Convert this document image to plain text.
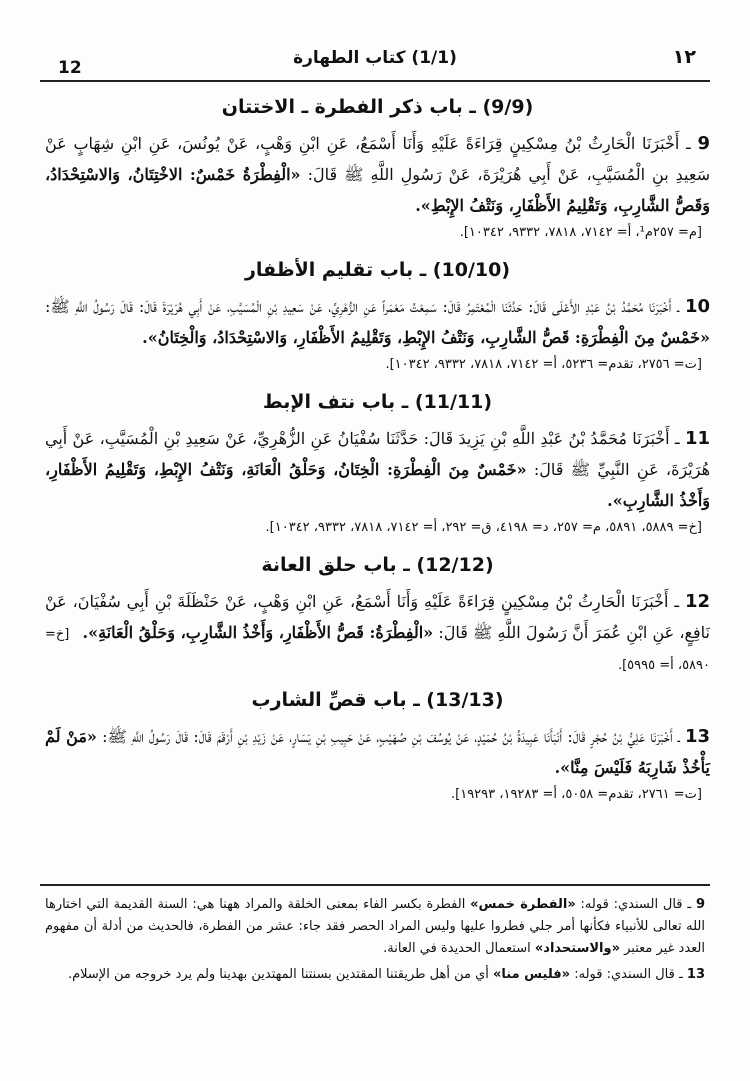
12	(1/1) كتاب الطهارة	١٢
(9/9) ـ باب ذكر الفطرة ـ الاختتان

9 ـ أَخْبَرَنَا الْحَارِثُ بْنُ مِسْكِينٍ قِرَاءَةً عَلَيْهِ وَأَنَا أَسْمَعُ، عَنِ ابْنِ وَهْبٍ، عَنْ يُونُسَ، عَنِ ابْنِ شِهَابٍ عَنْ سَعِيدِ بنِ الْمُسَيَّبِ، عَنْ أَبِي هُرَيْرَةَ، عَنْ رَسُولِ اللَّهِ ﷺ قَالَ: «الْفِطْرَةُ خَمْسٌ: الاخْتِتَانُ، وَالاسْتِحْدَادُ، وَقَصُّ الشَّارِبِ، وَتَقْلِيمُ الأَظْفَارِ، وَنَتْفُ الإِبْطِ».

[م= ٢٥٧م¹، أ= ٧١٤٢، ٧٨١٨، ٩٣٣٢، ١٠٣٤٢].

(10/10) ـ باب تقليم الأظفار

10 ـ أَخْبَرَنَا مُحَمَّدُ بْنُ عَبْدِ الأَعْلَى قَالَ: حَدَّثَنَا الْمُعْتَمِرُ قَالَ: سَمِعْتُ مَعْمَراً عَنِ الزُّهْرِيِّ، عَنْ سَعِيدِ بْنِ الْمُسَيَّبِ، عَنْ أَبِي هُرَيْرَةَ قَالَ: قَالَ رَسُولُ اللَّهِ ﷺ: «خَمْسٌ مِنَ الْفِطْرَةِ: قَصُّ الشَّارِبِ، وَنَتْفُ الإِبْطِ، وَتَقْلِيمُ الأَظْفَارِ، وَالاسْتِحْدَادُ، وَالْخِتَانُ».

[ت= ٢٧٥٦، تقدم= ٥٢٣٦، أ= ٧١٤٢، ٧٨١٨، ٩٣٣٢، ١٠٣٤٢].

(11/11) ـ باب نتف الإبط

11 ـ أَخْبَرَنَا مُحَمَّدُ بْنُ عَبْدِ اللَّهِ بْنِ يَزِيدَ قَالَ: حَدَّثَنَا سُفْيَانُ عَنِ الزُّهْرِيِّ، عَنْ سَعِيدِ بْنِ الْمُسَيَّبِ، عَنْ أَبِي هُرَيْرَةَ، عَنِ النَّبِيِّ ﷺ قَالَ: «خَمْسٌ مِنَ الْفِطْرَةِ: الْخِتَانُ، وَحَلْقُ الْعَانَةِ، وَنَتْفُ الإِبْطِ، وَتَقْلِيمُ الأَظْفَارِ، وَأَخْذُ الشَّارِبِ».

[خ= ٥٨٨٩، ٥٨٩١، م= ٢٥٧، د= ٤١٩٨، ق= ٢٩٢، أ= ٧١٤٢، ٧٨١٨، ٩٣٣٢، ١٠٣٤٢].

(12/12) ـ باب حلق العانة

12 ـ أَخْبَرَنَا الْحَارِثُ بْنُ مِسْكِينٍ قِرَاءَةً عَلَيْهِ وَأَنَا أَسْمَعُ، عَنِ ابْنِ وَهْبٍ، عَنْ حَنْظَلَةَ بْنِ أَبِي سُفْيَانَ، عَنْ نَافِعٍ، عَنِ ابْنِ عُمَرَ أَنَّ رَسُولَ اللَّهِ ﷺ قَالَ: «الْفِطْرَةُ: قَصُّ الأَظْفَارِ، وَأَخْذُ الشَّارِبِ، وَحَلْقُ الْعَانَةِ». [خ= ٥٨٩٠، أ= ٥٩٩٥].

(13/13) ـ باب قصِّ الشارب

13 ـ أَخْبَرَنَا عَلِيُّ بْنُ حُجْرٍ قَالَ: أَنْبَأَنَا عَبِيدَةُ بْنُ حُمَيْدٍ، عَنْ يُوسُفَ بْنِ صُهَيْبٍ، عَنْ حَبِيبِ بْنِ يَسَارٍ، عَنْ زَيْدِ بْنِ أَرْقَمَ قَالَ: قَالَ رَسُولُ اللَّهِ ﷺ: «مَنْ لَمْ يَأْخُذْ شَارِبَهُ فَلَيْسَ مِنَّا».

[ت= ٢٧٦١، تقدم= ٥٠٥٨، أ= ١٩٢٨٣، ١٩٢٩٣].

9 ـ قال السندي: قوله: «الفطرة خمس» الفطرة بكسر الفاء بمعنى الخلقة والمراد ههنا هي: السنة القديمة التي اختارها الله تعالى للأنبياء فكأنها أمر جلي فطروا عليها وليس المراد الحصر فقد جاء: عشر من الفطرة، فالحديث من أدلة أن مفهوم العدد غير معتبر «والاستحداد» استعمال الحديدة في العانة.

13 ـ قال السندي: قوله: «فليس منا» أي من أهل طريقتنا المقتدين بسنتنا المهتدين بهدينا ولم يرد خروجه من الإسلام.
